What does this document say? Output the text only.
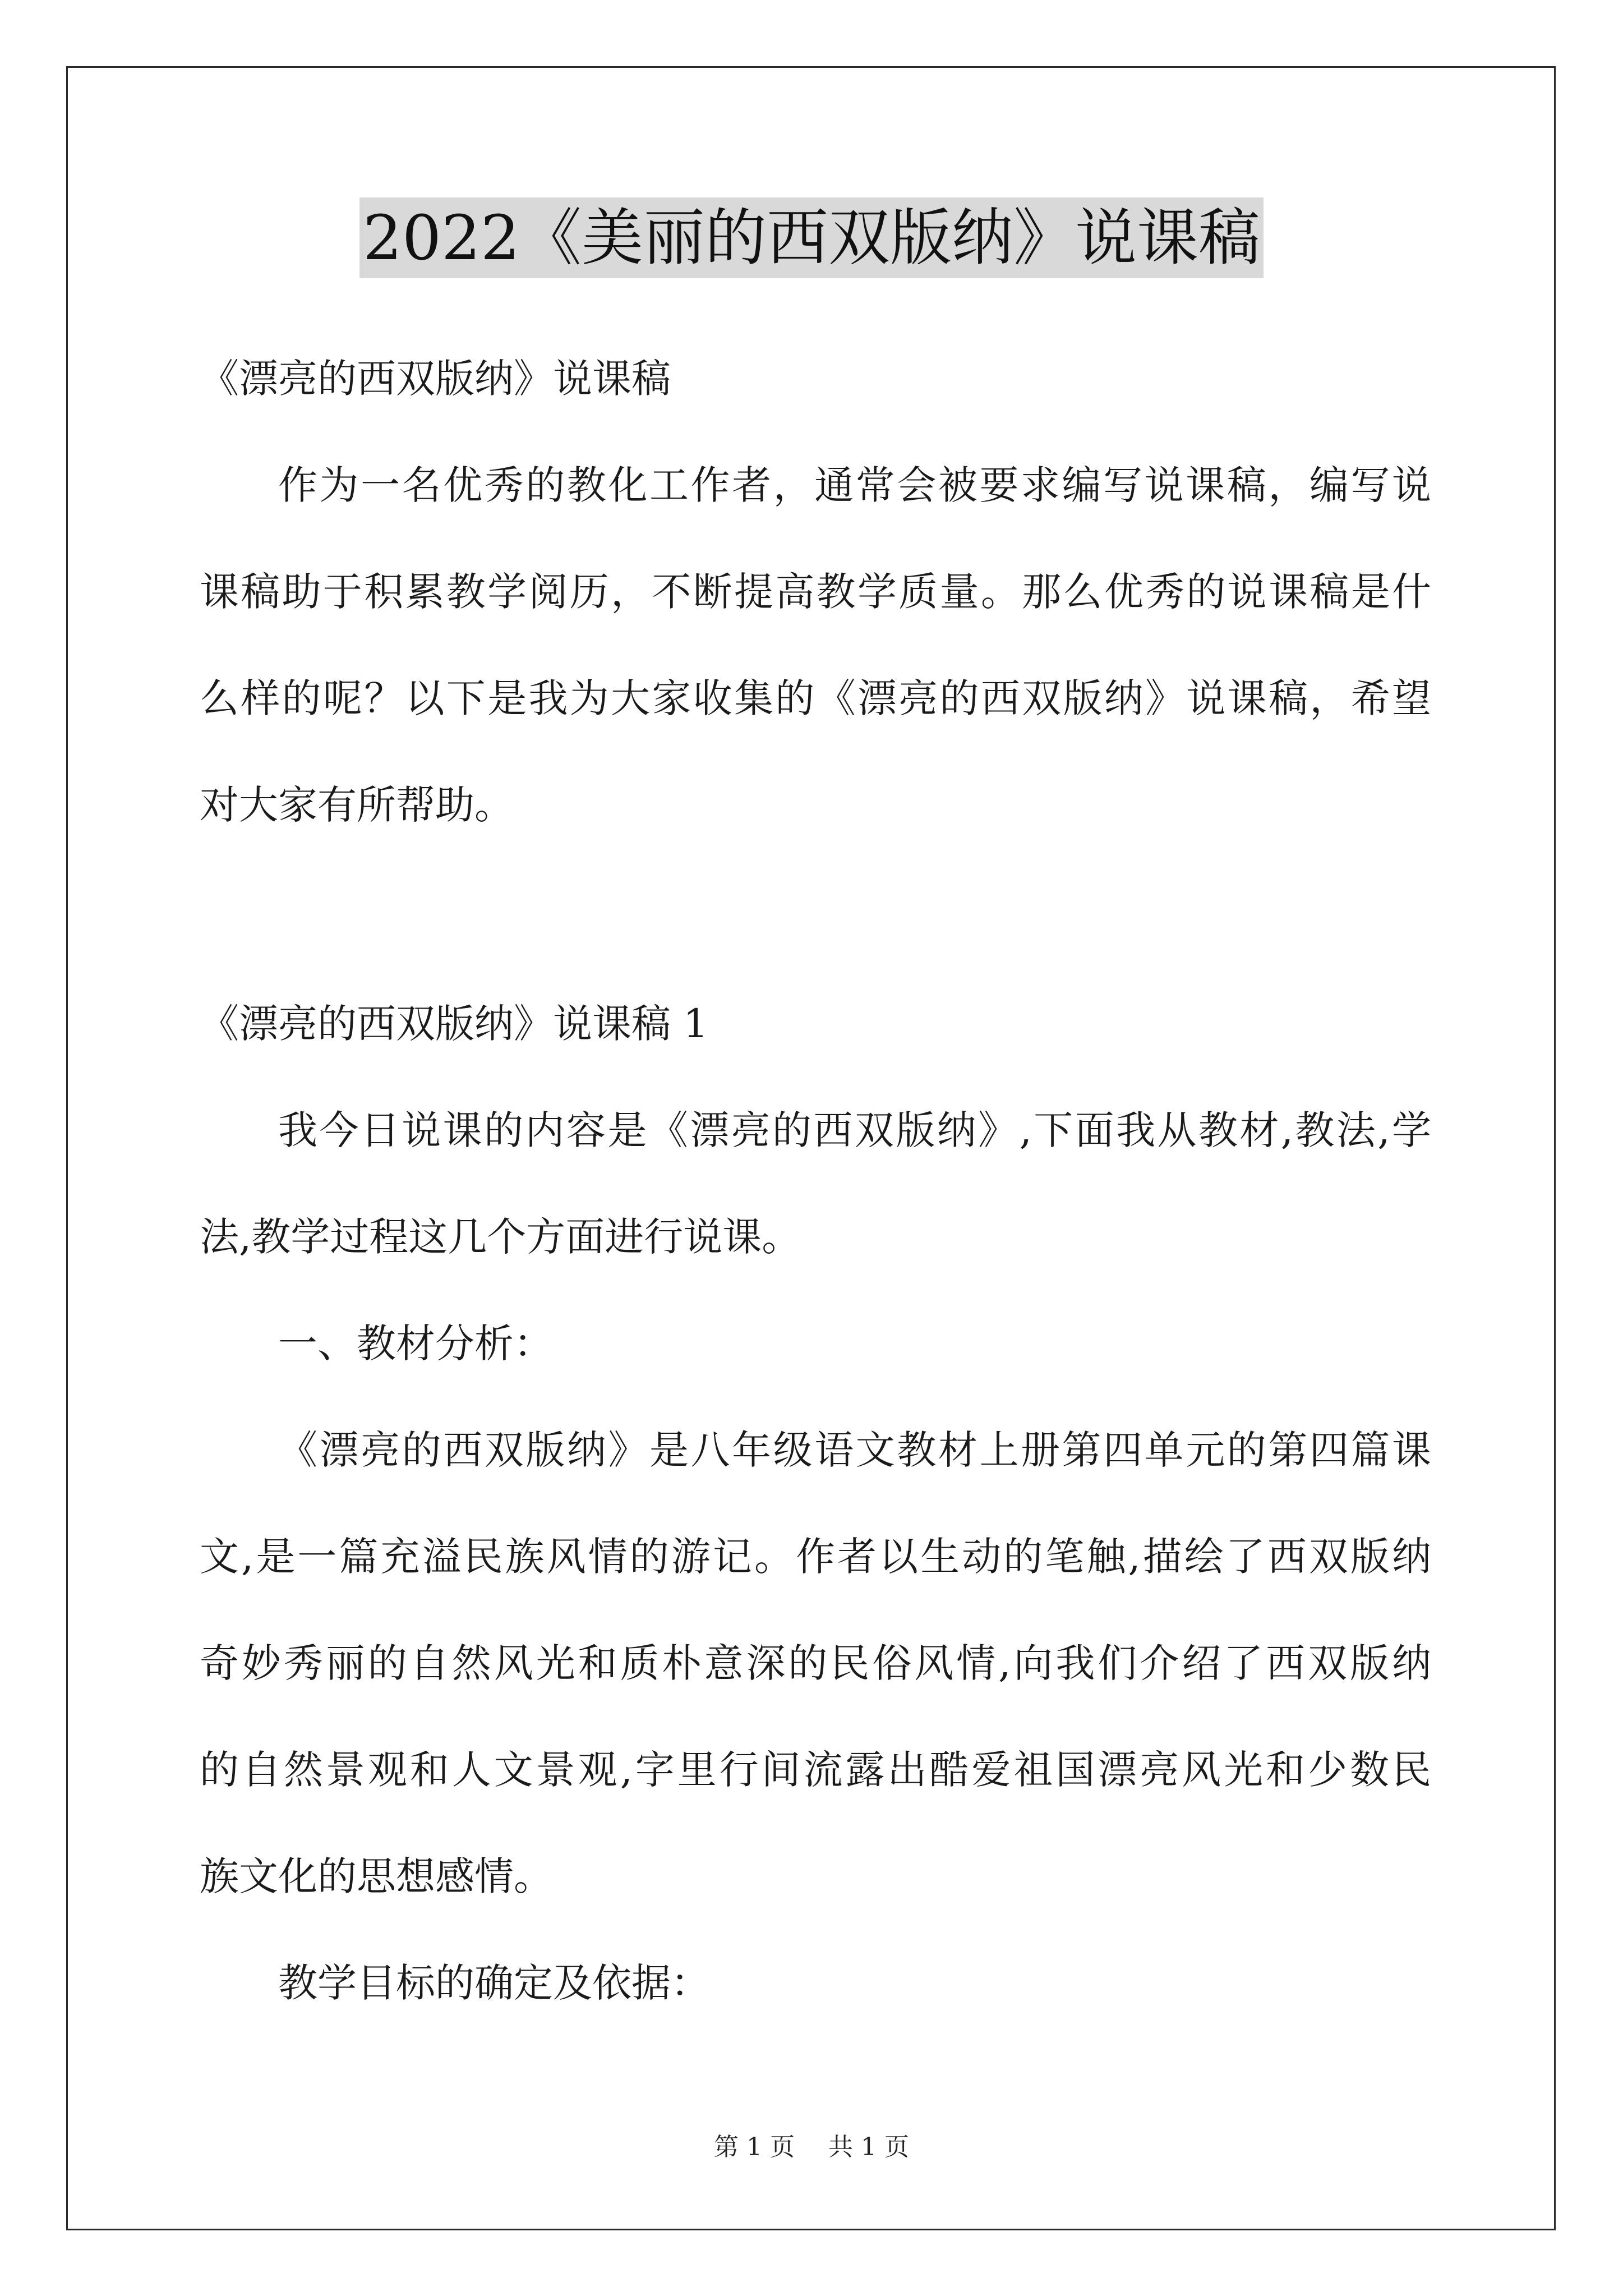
2022《美丽的西双版纳》说课稿
《漂亮的西双版纳》说课稿
作为一名优秀的教化工作者，通常会被要求编写说课稿，编写说
课稿助于积累教学阅历，不断提高教学质量。那么优秀的说课稿是什
么样的呢？以下是我为大家收集的《漂亮的西双版纳》说课稿，希望
对大家有所帮助。
《漂亮的西双版纳》说课稿 1
我今日说课的内容是《漂亮的西双版纳》,下面我从教材,教法,学
法,教学过程这几个方面进行说课。
一、教材分析：
《漂亮的西双版纳》是八年级语文教材上册第四单元的第四篇课
文,是一篇充溢民族风情的游记。作者以生动的笔触,描绘了西双版纳
奇妙秀丽的自然风光和质朴意深的民俗风情,向我们介绍了西双版纳
的自然景观和人文景观,字里行间流露出酷爱祖国漂亮风光和少数民
族文化的思想感情。
教学目标的确定及依据：
第 1 页 共 1 页
